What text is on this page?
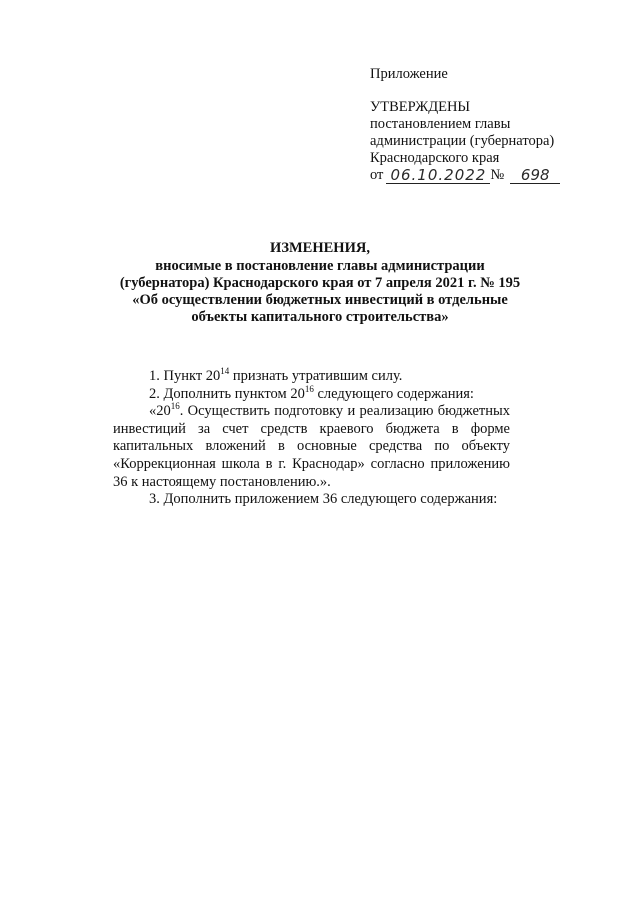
Приложение
УТВЕРЖДЕНЫ
постановлением главы
администрации (губернатора)
Краснодарского края
от 06.10.2022 №	698
ИЗМЕНЕНИЯ,
вносимые в постановление главы администрации (губернатора) Краснодарского края от 7 апреля 2021 г. № 195 «Об осуществлении бюджетных инвестиций в отдельные объекты капитального строительства»

1. Пункт $20^{14}$ признать утратившим силу.

2. Дополнить пунктом $20^{16}$ следующего содержания:

«$20^{16}$. Осуществить подготовку и реализацию бюджетных инвестиций за счет средств краевого бюджета в форме капитальных вложений в основные средства по объекту «Коррекционная школа в г. Краснодар» согласно приложению 36 к настоящему постановлению.».

3. Дополнить приложением 36 следующего содержания:
